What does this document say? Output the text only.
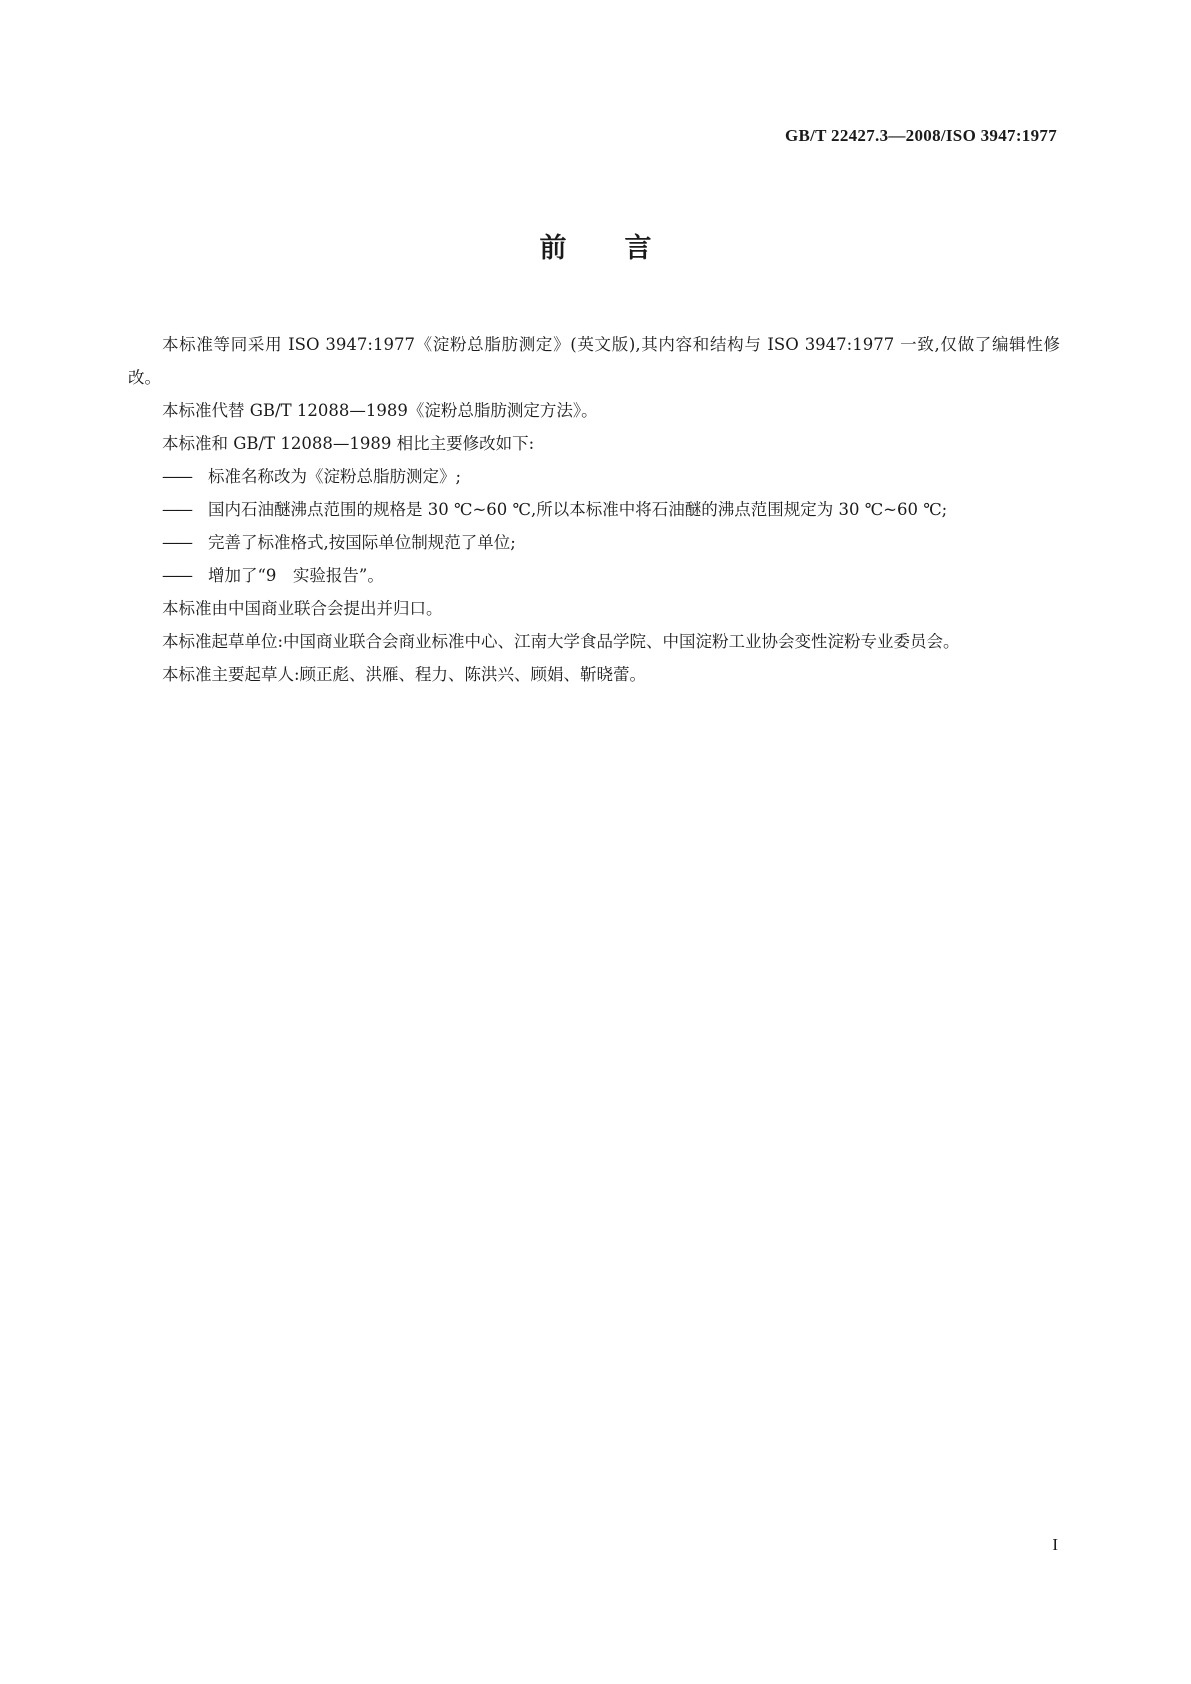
GB/T 22427.3—2008/ISO 3947:1977
前言

本标准等同采用 ISO 3947:1977《淀粉总脂肪测定》(英文版),其内容和结构与 ISO 3947:1977 一致,仅做了编辑性修改。

本标准代替 GB/T 12088—1989《淀粉总脂肪测定方法》。

本标准和 GB/T 12088—1989 相比主要修改如下:

—— 标准名称改为《淀粉总脂肪测定》;

—— 国内石油醚沸点范围的规格是 30 ℃~60 ℃,所以本标准中将石油醚的沸点范围规定为 30 ℃~60 ℃;

—— 完善了标准格式,按国际单位制规范了单位;

—— 增加了“9　实验报告”。

本标准由中国商业联合会提出并归口。

本标准起草单位:中国商业联合会商业标准中心、江南大学食品学院、中国淀粉工业协会变性淀粉专业委员会。

本标准主要起草人:顾正彪、洪雁、程力、陈洪兴、顾娟、靳晓蕾。

I
